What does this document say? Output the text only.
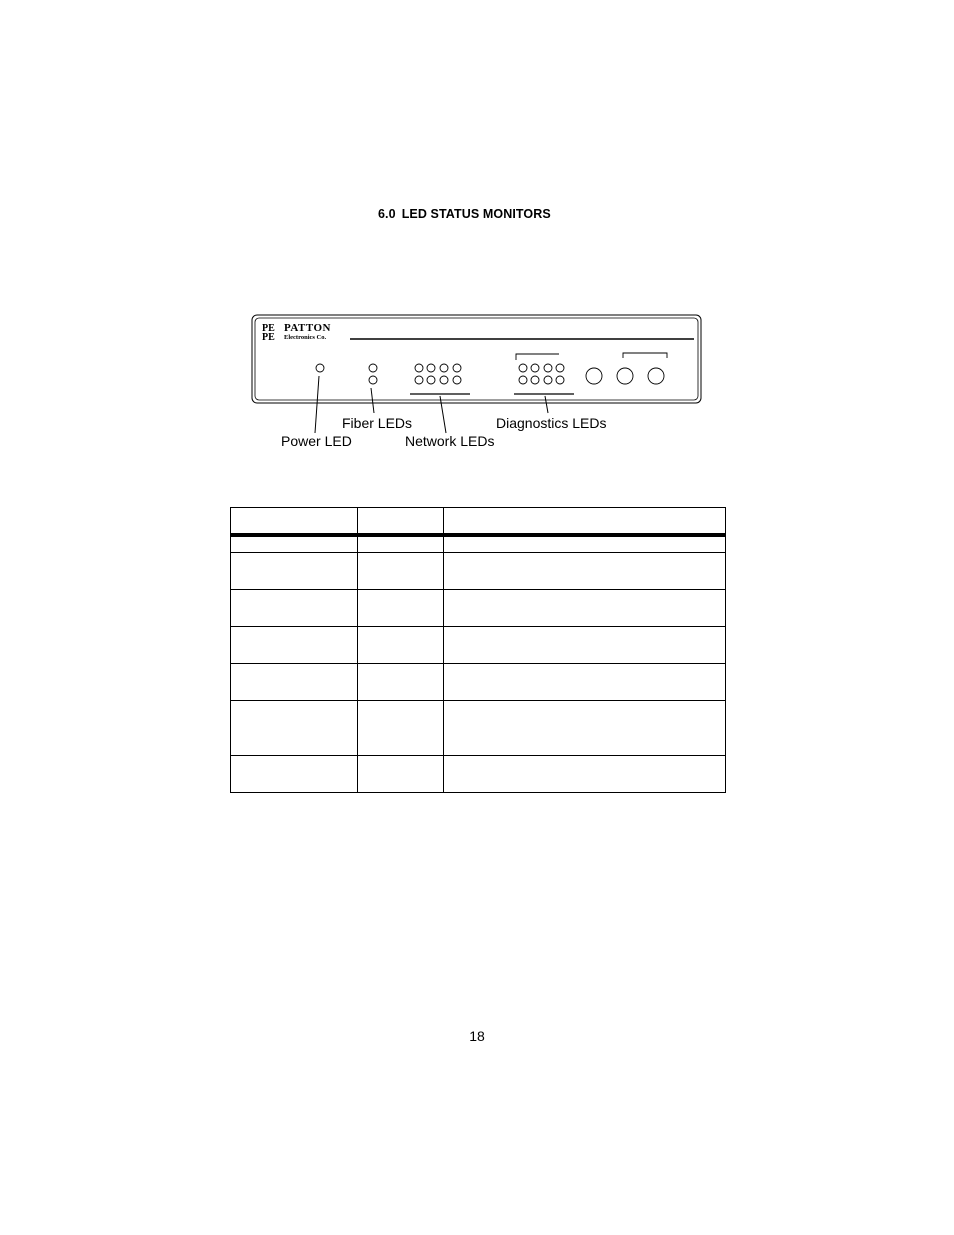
6.0 LED STATUS MONITORS
PE
PE
PATTON
Electronics Co.
Fiber LEDs
Power LED	Network LEDs
Diagnostics LEDs

18
